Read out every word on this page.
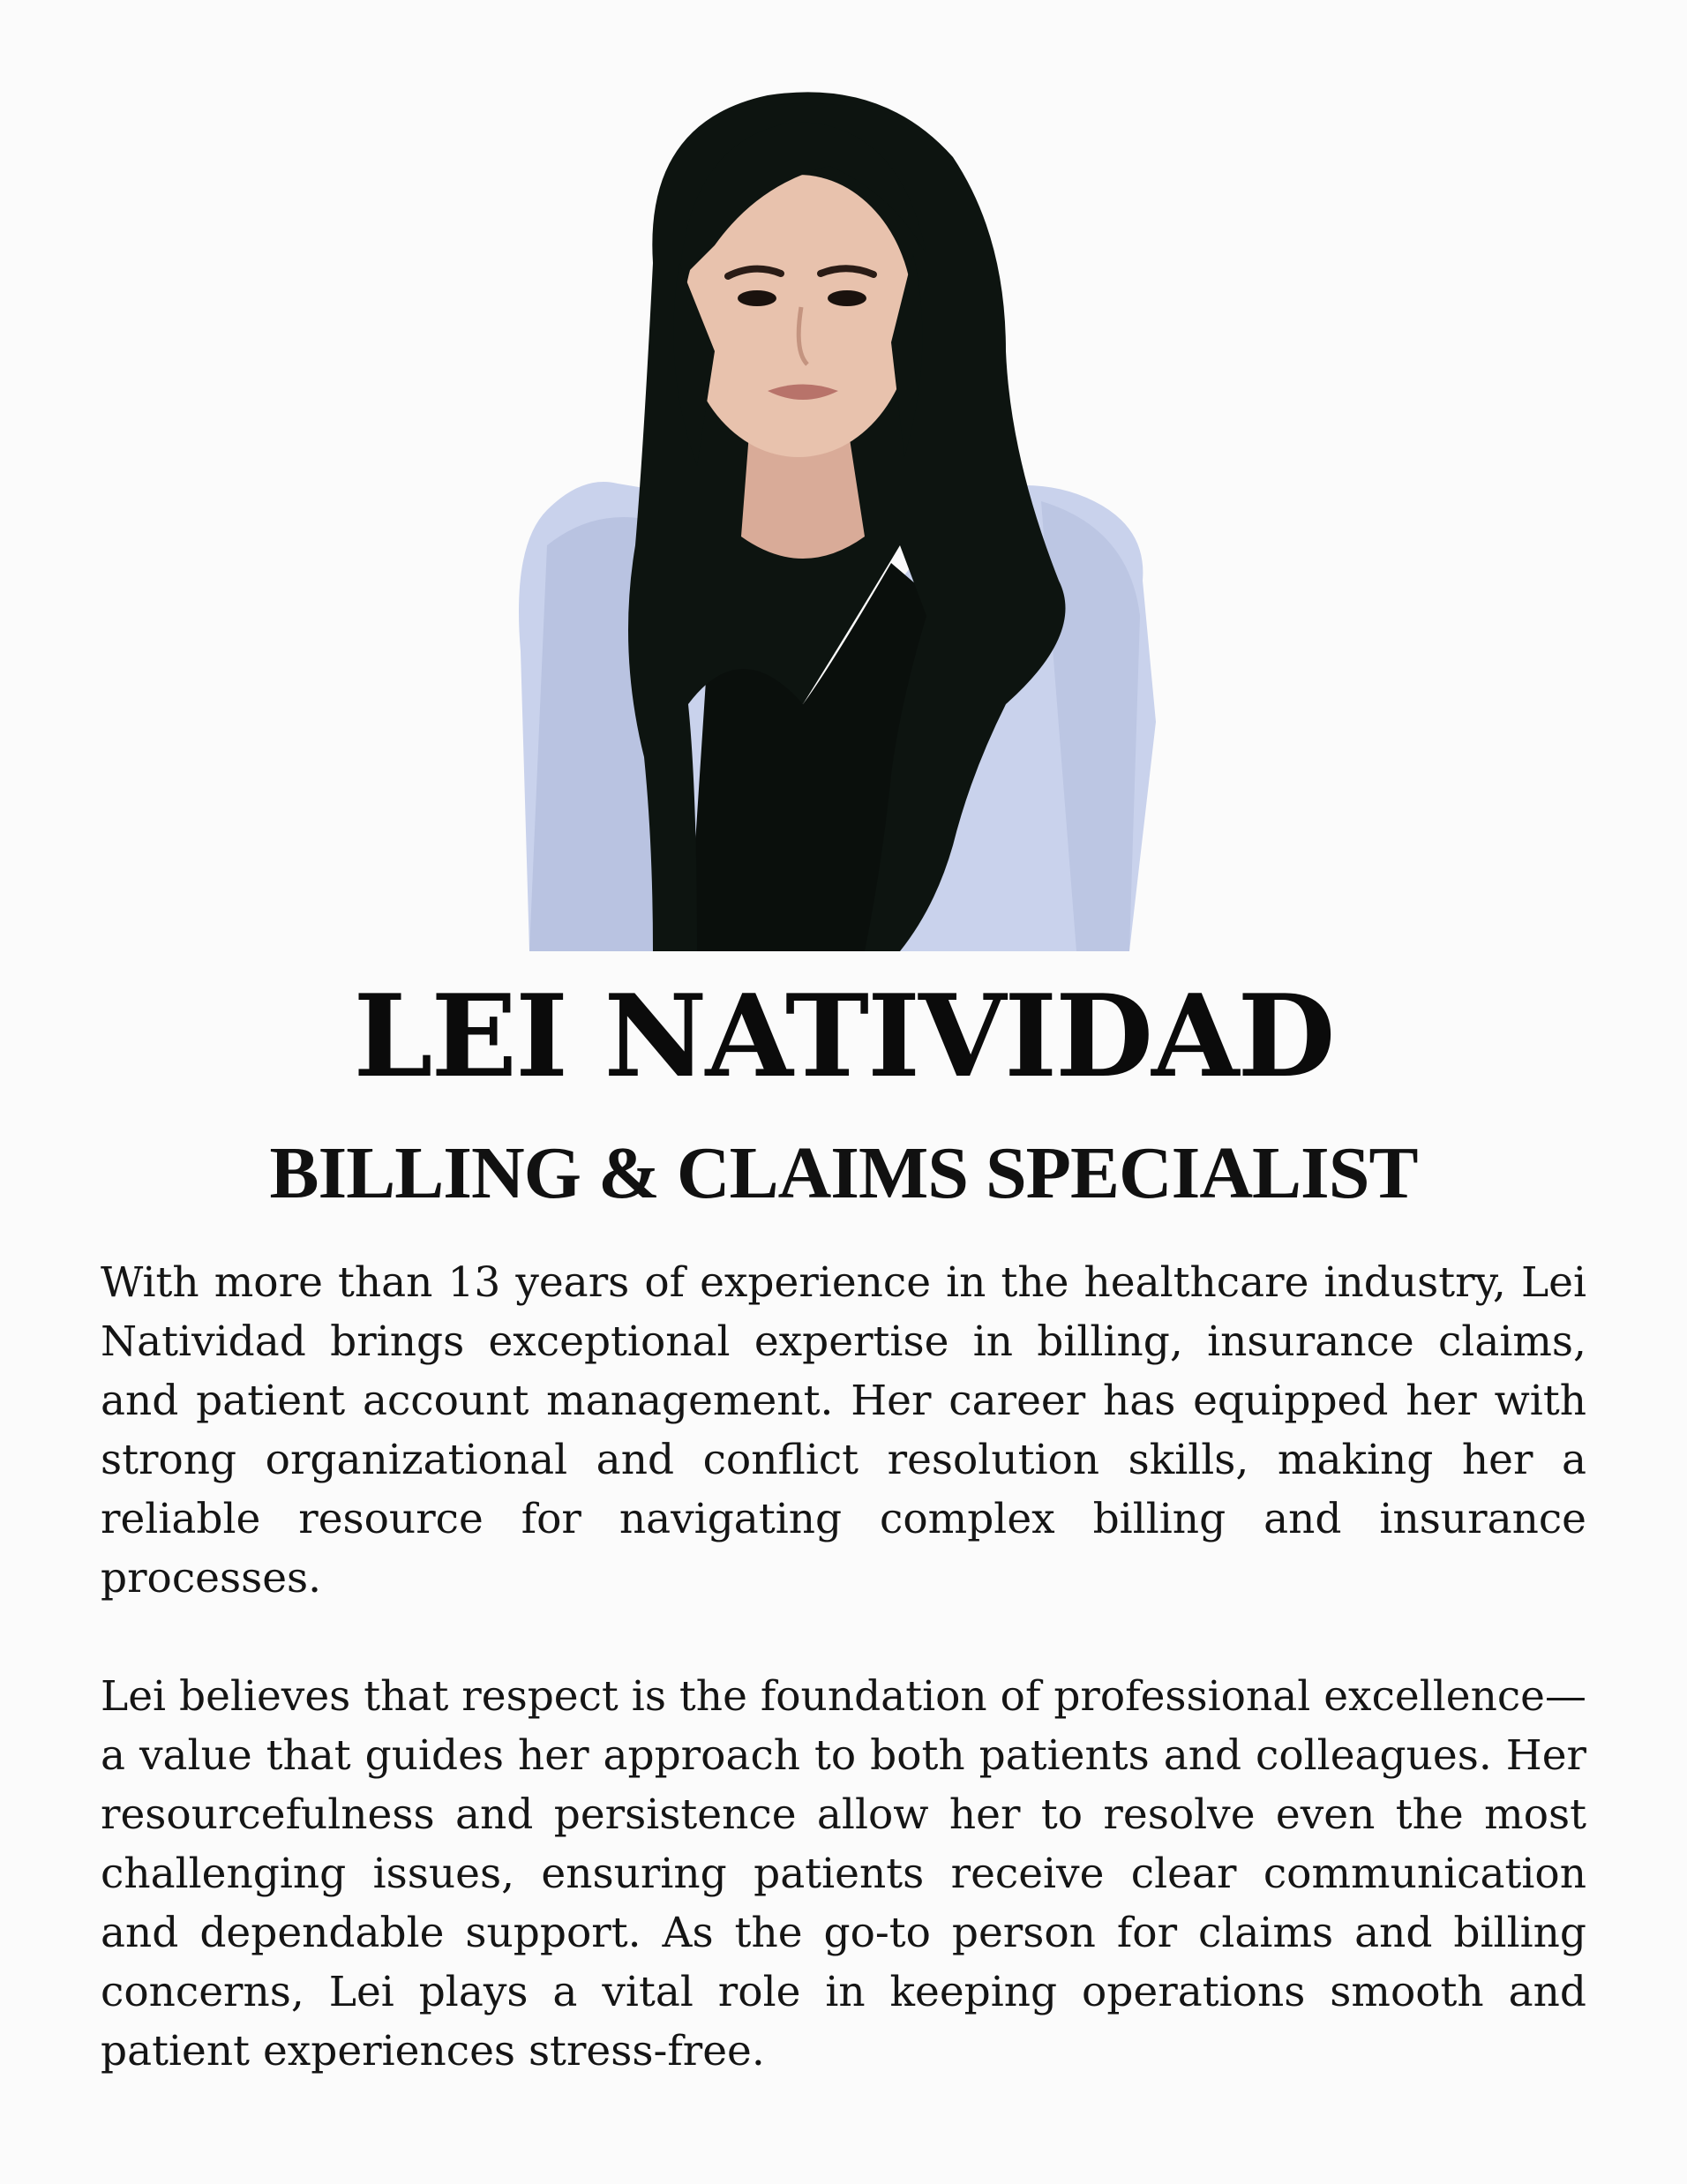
LEI NATIVIDAD
BILLING & CLAIMS SPECIALIST

With more than 13 years of experience in the healthcare industry, Lei Natividad brings exceptional expertise in billing, insurance claims, and patient account management. Her career has equipped her with strong organizational and conflict resolution skills, making her a reliable resource for navigating complex billing and insurance processes.

Lei believes that respect is the foundation of professional excellence—a value that guides her approach to both patients and colleagues. Her resourcefulness and persistence allow her to resolve even the most challenging issues, ensuring patients receive clear communication and dependable support. As the go-to person for claims and billing concerns, Lei plays a vital role in keeping operations smooth and patient experiences stress-free.
